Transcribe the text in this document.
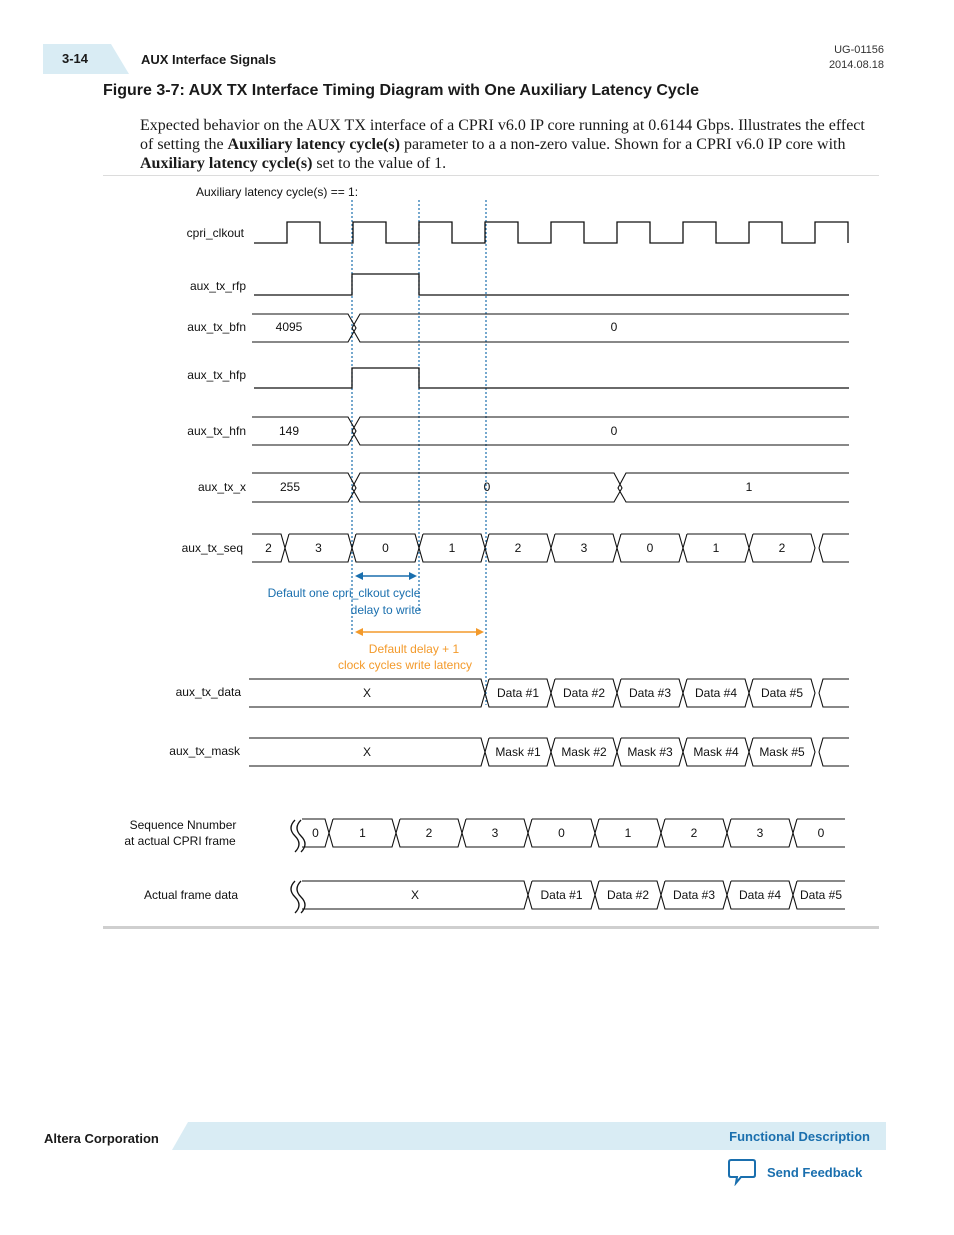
3-14	AUX Interface Signals
UG-01156
2014.08.18
Figure 3-7: AUX TX Interface Timing Diagram with One Auxiliary Latency Cycle
Expected behavior on the AUX TX interface of a CPRI v6.0 IP core running at 0.6144 Gbps. Illustrates the effect of setting the Auxiliary latency cycle(s) parameter to a a non-zero value. Shown for a CPRI v6.0 IP core with Auxiliary latency cycle(s) set to the value of 1.
Auxiliary latency cycle(s) == 1:
cpri_clkout
aux_tx_rfp
aux_tx_bfn
aux_tx_hfp
aux_tx_hfn
aux_tx_x
aux_tx_seq
aux_tx_data
aux_tx_mask
Sequence Nnumber
at actual CPRI frame
Actual frame data
4095	0
149	0
255	0	1
2	3	0	1	2	3	0	1	2
Default one cpri_clkout cycle
delay to write
Default delay + 1
clock cycles write latency
X	Data #1 Data #2 Data #3 Data #4 Data #5
X	Mask #1 Mask #2 Mask #3 Mask #4 Mask #5
0	1	2	3	0	1	2	3	0
X	Data #1 Data #2 Data #3 Data #4 Data #5
Altera Corporation	Functional Description
Send Feedback
